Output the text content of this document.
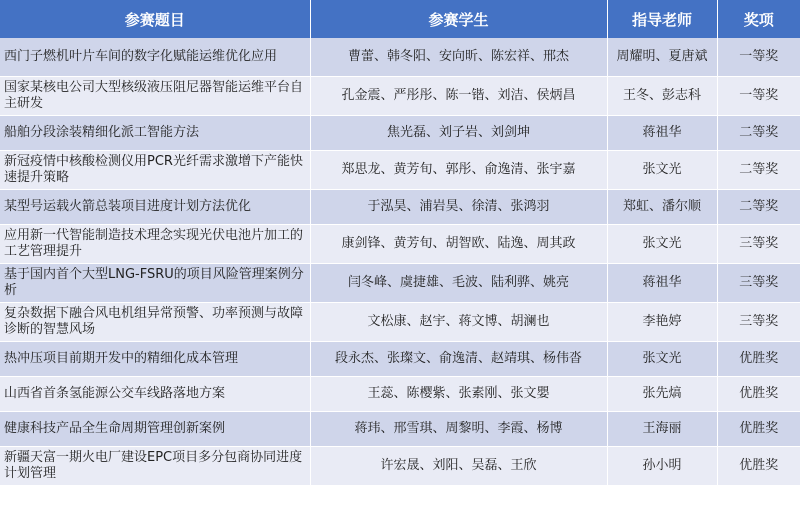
参赛题目	参赛学生	指导老师	奖项
西门子燃机叶片车间的数字化赋能运维优化应用	曹蕾、韩冬阳、安向昕、陈宏祥、邢杰	周耀明、夏唐斌	一等奖
国家某核电公司大型核级液压阻尼器智能运维平台自主研发	孔金震、严彤彤、陈一锴、刘洁、侯炳昌	王冬、彭志科	一等奖
船舶分段涂装精细化派工智能方法	焦光磊、刘子岩、刘剑坤	蒋祖华	二等奖
新冠疫情中核酸检测仪用PCR光纤需求激增下产能快速提升策略	郑思龙、黄芳旬、郭彤、俞逸清、张宇嘉	张文光	二等奖
某型号运载火箭总装项目进度计划方法优化	于泓昊、浦岩昊、徐清、张鸿羽	郑虹、潘尔顺	二等奖
应用新一代智能制造技术理念实现光伏电池片加工的工艺管理提升	康剑锋、黄芳旬、胡智欧、陆逸、周其政	张文光	三等奖
基于国内首个大型LNG-FSRU的项目风险管理案例分析	闫冬峰、虞捷雄、毛波、陆利骅、姚亮	蒋祖华	三等奖
复杂数据下融合风电机组异常预警、功率预测与故障诊断的智慧风场	文松康、赵宇、蒋文博、胡澜也	李艳婷	三等奖
热冲压项目前期开发中的精细化成本管理	段永杰、张璨文、俞逸清、赵靖琪、杨伟沓	张文光	优胜奖
山西省首条氢能源公交车线路落地方案	王蕊、陈樱紫、张素刚、张文嬰	张先熇	优胜奖
健康科技产品全生命周期管理创新案例	蒋玮、邢雪琪、周黎明、李霞、杨博	王海丽	优胜奖
新疆天富一期火电厂建设EPC项目多分包商协同进度计划管理	许宏晟、刘阳、吴磊、王欣	孙小明	优胜奖
